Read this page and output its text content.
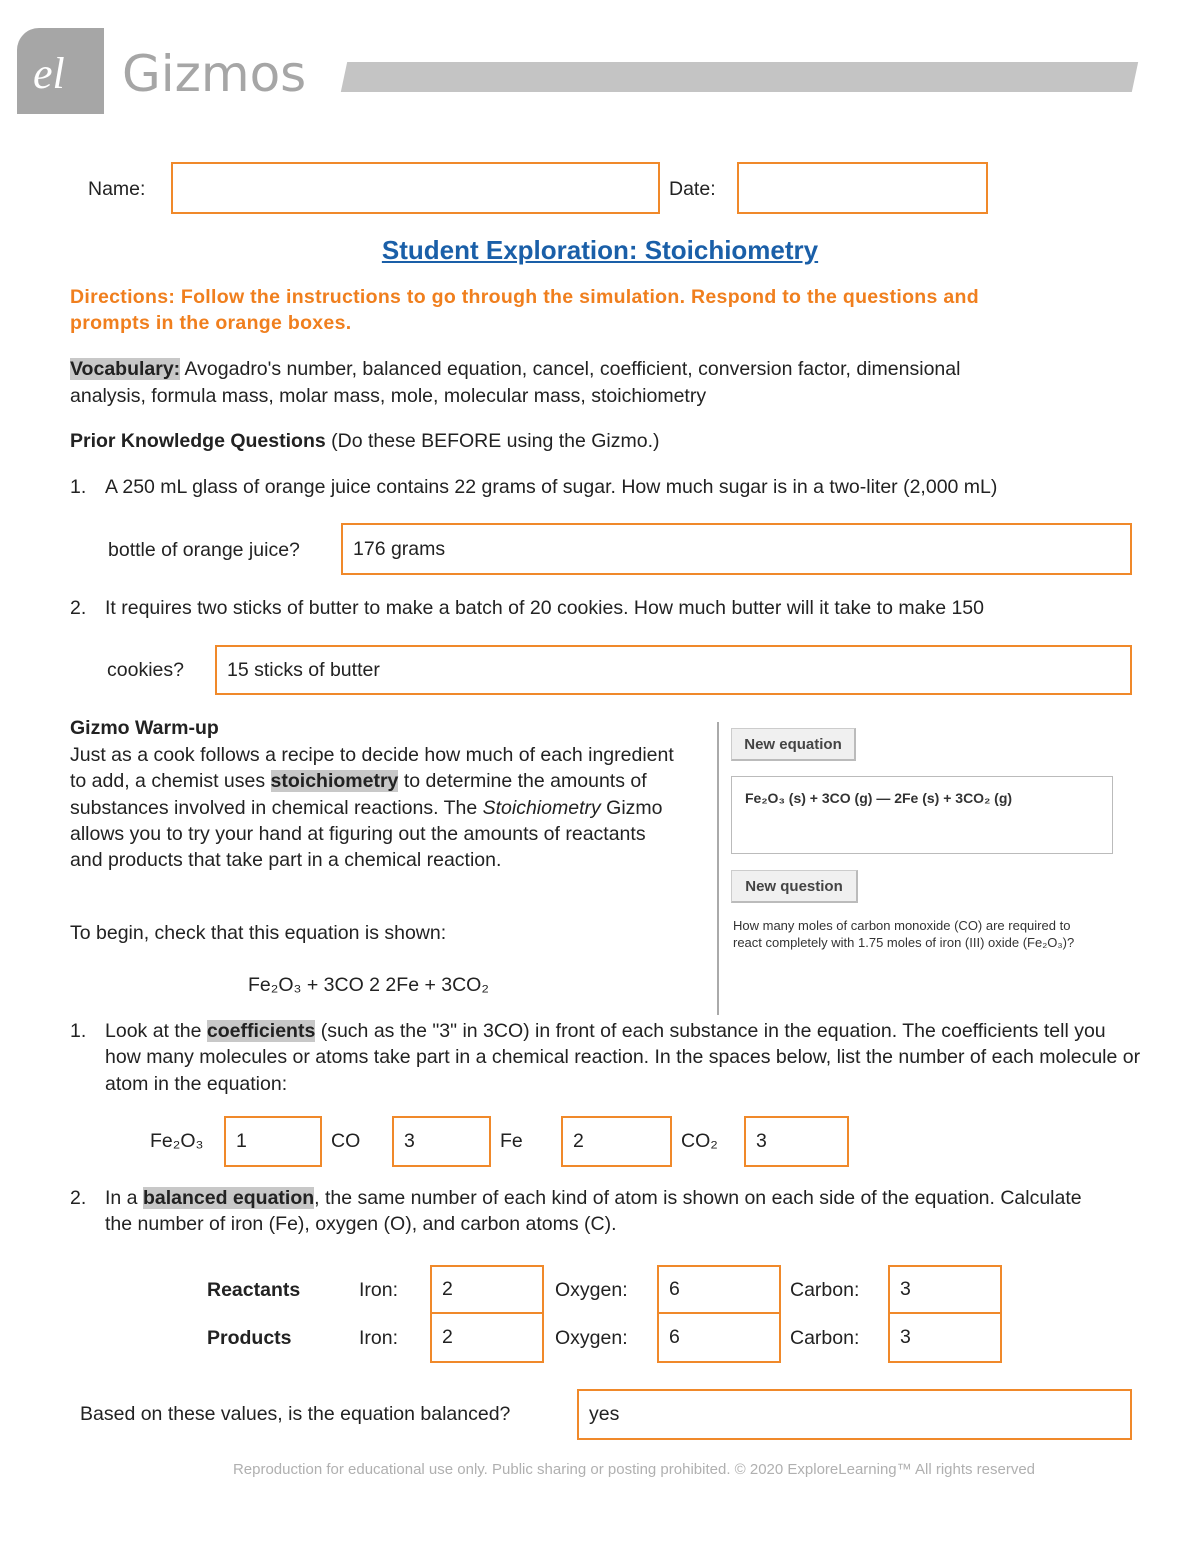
el Gizmos
Name:	Date:
Student Exploration: Stoichiometry
Directions: Follow the instructions to go through the simulation. Respond to the questions and
prompts in the orange boxes.
Vocabulary: Avogadro's number, balanced equation, cancel, coefficient, conversion factor, dimensional
analysis, formula mass, molar mass, mole, molecular mass, stoichiometry
Prior Knowledge Questions (Do these BEFORE using the Gizmo.)
1. A 250 mL glass of orange juice contains 22 grams of sugar. How much sugar is in a two-liter (2,000 mL)
bottle of orange juice?	176 grams
2. It requires two sticks of butter to make a batch of 20 cookies. How much butter will it take to make 150
cookies?	15 sticks of butter
Gizmo Warm-up
Just as a cook follows a recipe to decide how much of each ingredient to add, a chemist uses stoichiometry to determine the amounts of substances involved in chemical reactions. The Stoichiometry Gizmo allows you to try your hand at figuring out the amounts of reactants and products that take part in a chemical reaction.
To begin, check that this equation is shown:
Fe₂O₃ + 3CO 2 2Fe + 3CO₂
New equation
Fe₂O₃ (s) + 3CO (g) — 2Fe (s) + 3CO₂ (g)
New question
How many moles of carbon monoxide (CO) are required to react completely with 1.75 moles of iron (III) oxide (Fe₂O₃)?
1. Look at the coefficients (such as the "3" in 3CO) in front of each substance in the equation. The coefficients tell you how many molecules or atoms take part in a chemical reaction. In the spaces below, list the number of each molecule or atom in the equation:
Fe₂O₃	1	CO	3	Fe	2	CO₂	3
2. In a balanced equation, the same number of each kind of atom is shown on each side of the equation. Calculate the number of iron (Fe), oxygen (O), and carbon atoms (C).
Reactants	Iron:	2	Oxygen:	6	Carbon:	3
Products	Iron:	2	Oxygen:	6	Carbon:	3
Based on these values, is the equation balanced?	yes
Reproduction for educational use only. Public sharing or posting prohibited. © 2020 ExploreLearning™ All rights reserved
